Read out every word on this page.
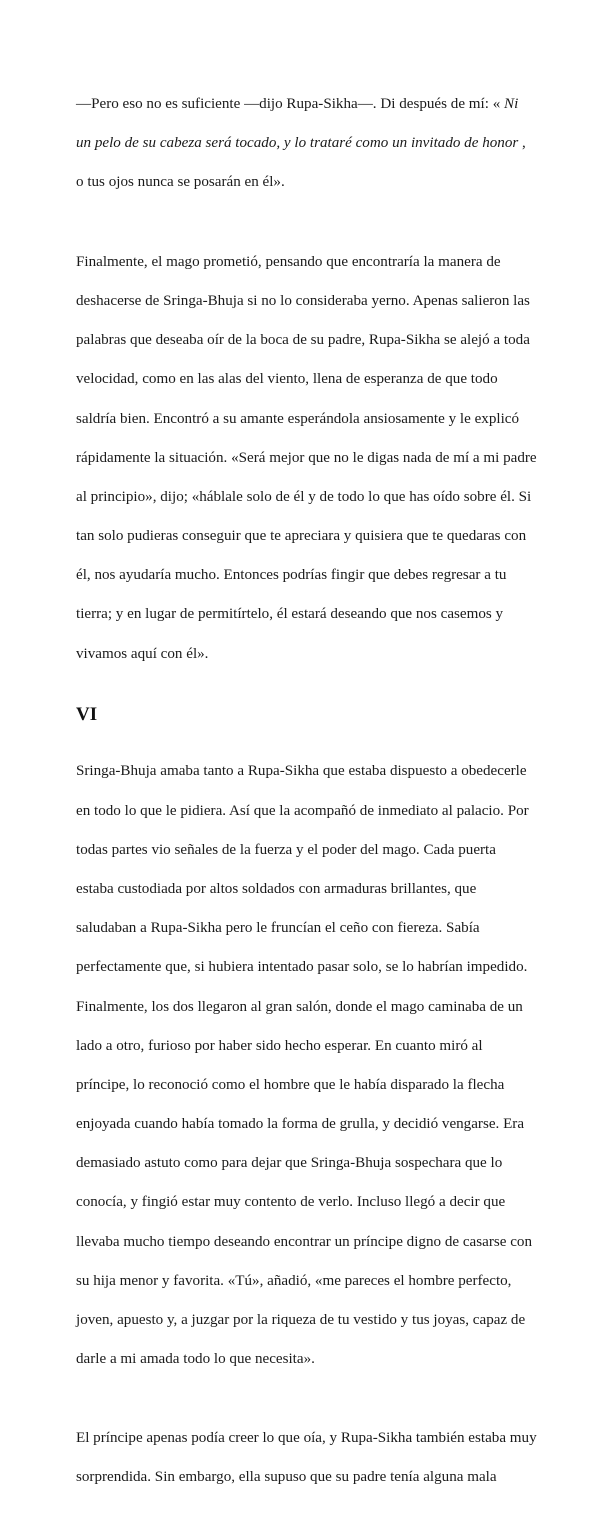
—Pero eso no es suficiente —dijo Rupa-Sikha—. Di después de mí: « Ni

un pelo de su cabeza será tocado, y lo trataré como un invitado de honor ,

o tus ojos nunca se posarán en él».

Finalmente, el mago prometió, pensando que encontraría la manera de

deshacerse de Sringa-Bhuja si no lo consideraba yerno. Apenas salieron las

palabras que deseaba oír de la boca de su padre, Rupa-Sikha se alejó a toda

velocidad, como en las alas del viento, llena de esperanza de que todo

saldría bien. Encontró a su amante esperándola ansiosamente y le explicó

rápidamente la situación. «Será mejor que no le digas nada de mí a mi padre

al principio», dijo; «háblale solo de él y de todo lo que has oído sobre él. Si

tan solo pudieras conseguir que te apreciara y quisiera que te quedaras con

él, nos ayudaría mucho. Entonces podrías fingir que debes regresar a tu

tierra; y en lugar de permitírtelo, él estará deseando que nos casemos y

vivamos aquí con él».

VI

Sringa-Bhuja amaba tanto a Rupa-Sikha que estaba dispuesto a obedecerle

en todo lo que le pidiera. Así que la acompañó de inmediato al palacio. Por

todas partes vio señales de la fuerza y el poder del mago. Cada puerta

estaba custodiada por altos soldados con armaduras brillantes, que

saludaban a Rupa-Sikha pero le fruncían el ceño con fiereza. Sabía

perfectamente que, si hubiera intentado pasar solo, se lo habrían impedido.

Finalmente, los dos llegaron al gran salón, donde el mago caminaba de un

lado a otro, furioso por haber sido hecho esperar. En cuanto miró al

príncipe, lo reconoció como el hombre que le había disparado la flecha

enjoyada cuando había tomado la forma de grulla, y decidió vengarse. Era

demasiado astuto como para dejar que Sringa-Bhuja sospechara que lo

conocía, y fingió estar muy contento de verlo. Incluso llegó a decir que

llevaba mucho tiempo deseando encontrar un príncipe digno de casarse con

su hija menor y favorita. «Tú», añadió, «me pareces el hombre perfecto,

joven, apuesto y, a juzgar por la riqueza de tu vestido y tus joyas, capaz de

darle a mi amada todo lo que necesita».

El príncipe apenas podía creer lo que oía, y Rupa-Sikha también estaba muy

sorprendida. Sin embargo, ella supuso que su padre tenía alguna mala
